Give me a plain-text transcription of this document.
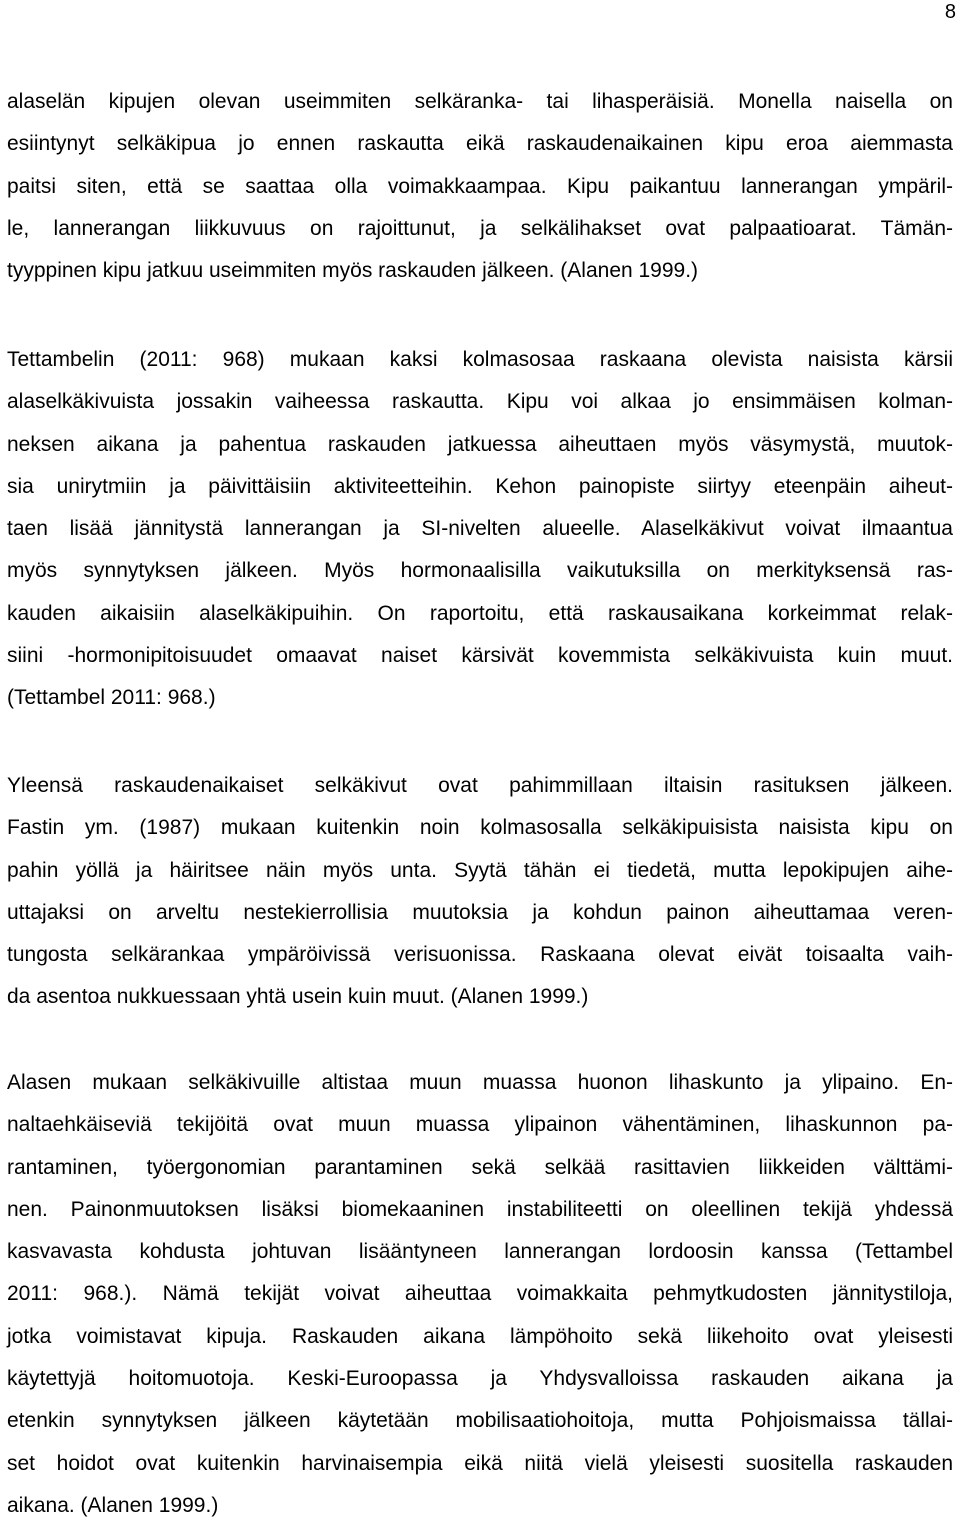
8
alaselän kipujen olevan useimmiten selkäranka- tai lihasperäisiä. Monella naisella on
esiintynyt selkäkipua jo ennen raskautta eikä raskaudenaikainen kipu eroa aiemmasta
paitsi siten, että se saattaa olla voimakkaampaa. Kipu paikantuu lannerangan ympäril-
le, lannerangan liikkuvuus on rajoittunut, ja selkälihakset ovat palpaatioarat. Tämän-
tyyppinen kipu jatkuu useimmiten myös raskauden jälkeen. (Alanen 1999.)
Tettambelin (2011: 968) mukaan kaksi kolmasosaa raskaana olevista naisista kärsii
alaselkäkivuista jossakin vaiheessa raskautta. Kipu voi alkaa jo ensimmäisen kolman-
neksen aikana ja pahentua raskauden jatkuessa aiheuttaen myös väsymystä, muutok-
sia unirytmiin ja päivittäisiin aktiviteetteihin. Kehon painopiste siirtyy eteenpäin aiheut-
taen lisää jännitystä lannerangan ja SI-nivelten alueelle. Alaselkäkivut voivat ilmaantua
myös synnytyksen jälkeen. Myös hormonaalisilla vaikutuksilla on merkityksensä ras-
kauden aikaisiin alaselkäkipuihin. On raportoitu, että raskausaikana korkeimmat relak-
siini -hormonipitoisuudet omaavat naiset kärsivät kovemmista selkäkivuista kuin muut.
(Tettambel 2011: 968.)
Yleensä raskaudenaikaiset selkäkivut ovat pahimmillaan iltaisin rasituksen jälkeen.
Fastin ym. (1987) mukaan kuitenkin noin kolmasosalla selkäkipuisista naisista kipu on
pahin yöllä ja häiritsee näin myös unta. Syytä tähän ei tiedetä, mutta lepokipujen aihe-
uttajaksi on arveltu nestekierrollisia muutoksia ja kohdun painon aiheuttamaa veren-
tungosta selkärankaa ympäröivissä verisuonissa. Raskaana olevat eivät toisaalta vaih-
da asentoa nukkuessaan yhtä usein kuin muut. (Alanen 1999.)
Alasen mukaan selkäkivuille altistaa muun muassa huonon lihaskunto ja ylipaino. En-
naltaehkäiseviä tekijöitä ovat muun muassa ylipainon vähentäminen, lihaskunnon pa-
rantaminen, työergonomian parantaminen sekä selkää rasittavien liikkeiden välttämi-
nen. Painonmuutoksen lisäksi biomekaaninen instabiliteetti on oleellinen tekijä yhdessä
kasvavasta kohdusta johtuvan lisääntyneen lannerangan lordoosin kanssa (Tettambel
2011: 968.). Nämä tekijät voivat aiheuttaa voimakkaita pehmytkudosten jännitystiloja,
jotka voimistavat kipuja. Raskauden aikana lämpöhoito sekä liikehoito ovat yleisesti
käytettyjä hoitomuotoja. Keski-Euroopassa ja Yhdysvalloissa raskauden aikana ja
etenkin synnytyksen jälkeen käytetään mobilisaatiohoitoja, mutta Pohjoismaissa tällai-
set hoidot ovat kuitenkin harvinaisempia eikä niitä vielä yleisesti suositella raskauden
aikana. (Alanen 1999.)
